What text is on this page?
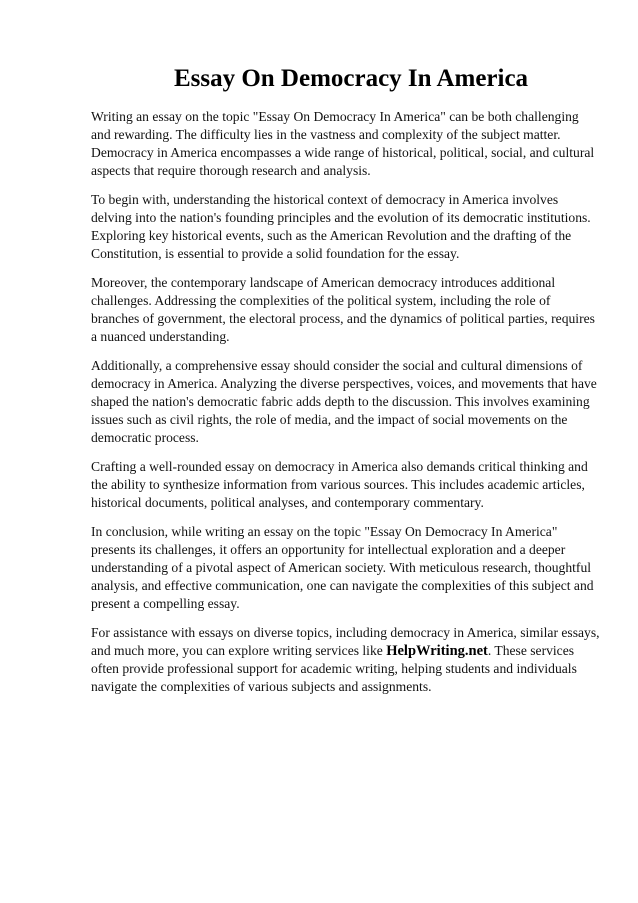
Essay On Democracy In America

Writing an essay on the topic "Essay On Democracy In America" can be both challenging and rewarding. The difficulty lies in the vastness and complexity of the subject matter. Democracy in America encompasses a wide range of historical, political, social, and cultural aspects that require thorough research and analysis.

To begin with, understanding the historical context of democracy in America involves delving into the nation's founding principles and the evolution of its democratic institutions. Exploring key historical events, such as the American Revolution and the drafting of the Constitution, is essential to provide a solid foundation for the essay.

Moreover, the contemporary landscape of American democracy introduces additional challenges. Addressing the complexities of the political system, including the role of branches of government, the electoral process, and the dynamics of political parties, requires a nuanced understanding.

Additionally, a comprehensive essay should consider the social and cultural dimensions of democracy in America. Analyzing the diverse perspectives, voices, and movements that have shaped the nation's democratic fabric adds depth to the discussion. This involves examining issues such as civil rights, the role of media, and the impact of social movements on the democratic process.

Crafting a well-rounded essay on democracy in America also demands critical thinking and the ability to synthesize information from various sources. This includes academic articles, historical documents, political analyses, and contemporary commentary.

In conclusion, while writing an essay on the topic "Essay On Democracy In America" presents its challenges, it offers an opportunity for intellectual exploration and a deeper understanding of a pivotal aspect of American society. With meticulous research, thoughtful analysis, and effective communication, one can navigate the complexities of this subject and present a compelling essay.

For assistance with essays on diverse topics, including democracy in America, similar essays, and much more, you can explore writing services like HelpWriting.net. These services often provide professional support for academic writing, helping students and individuals navigate the complexities of various subjects and assignments.
